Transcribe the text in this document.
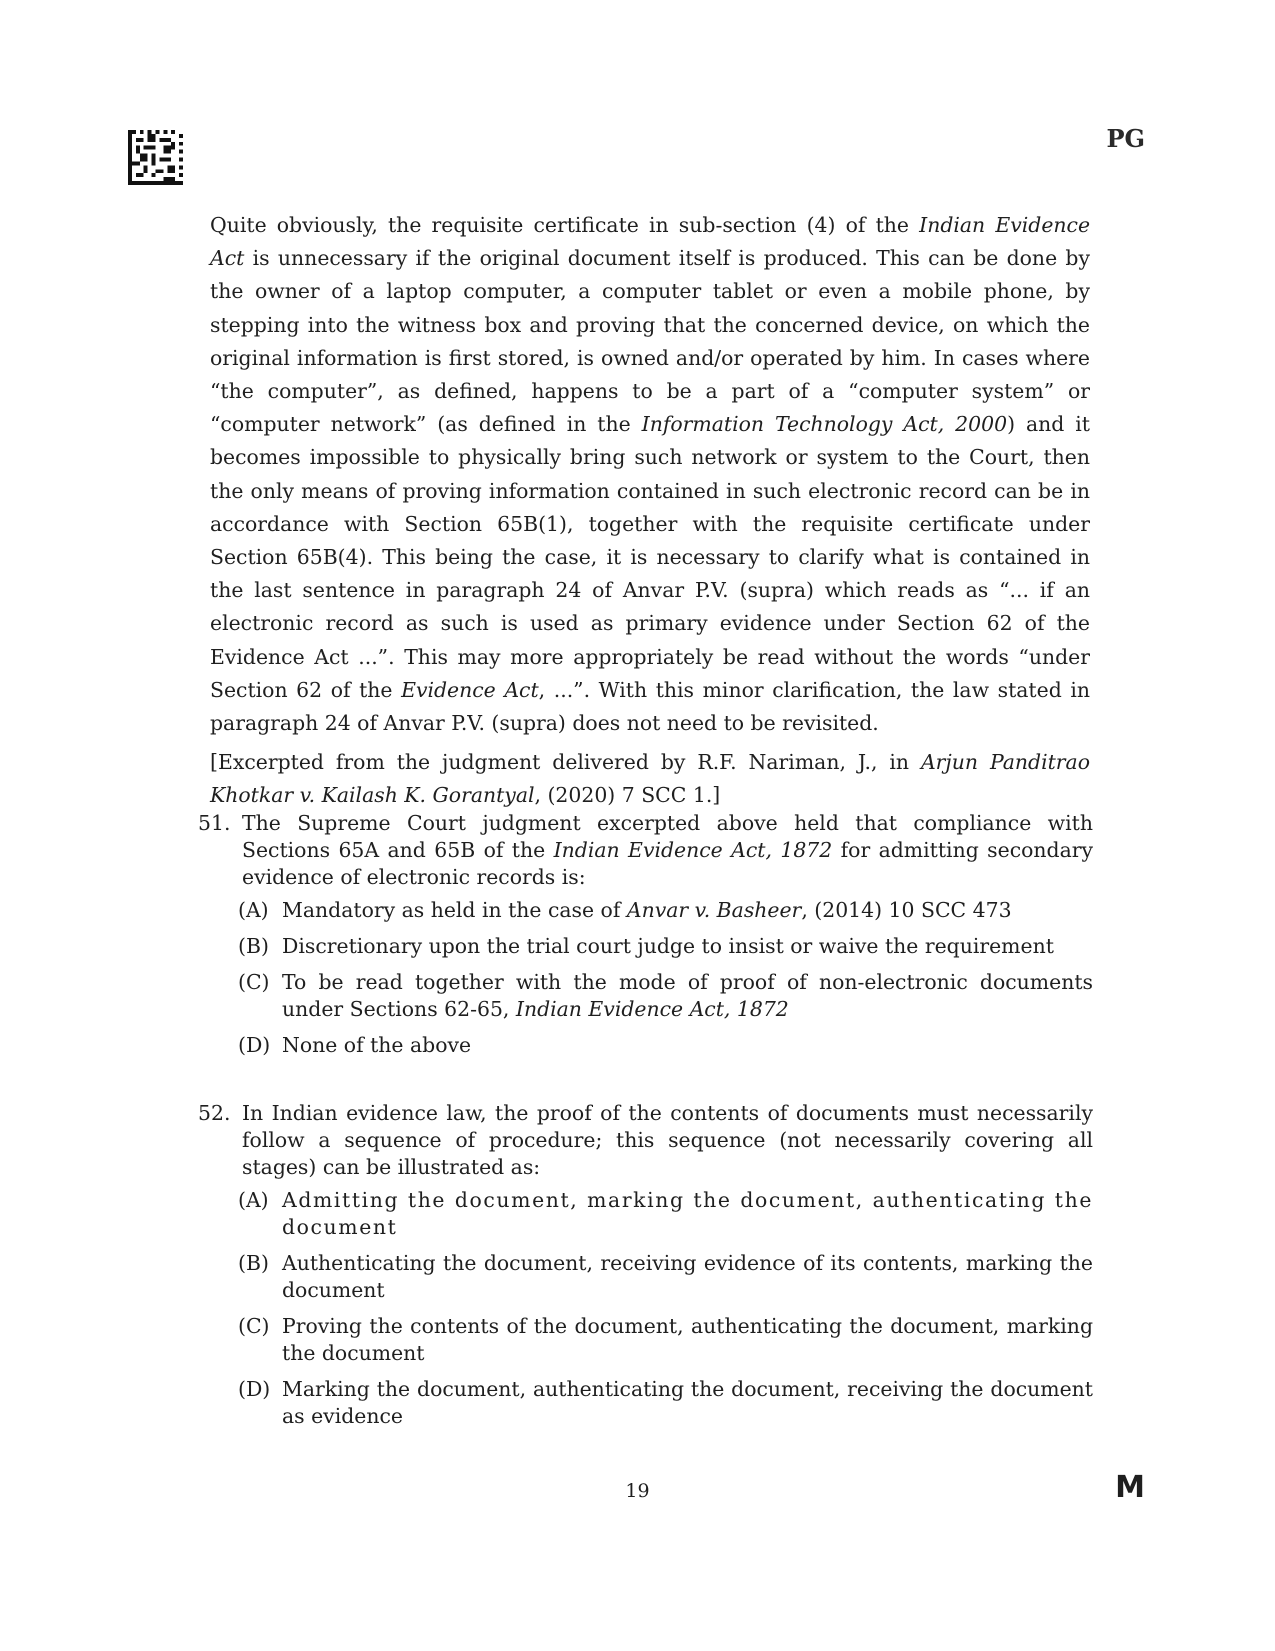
PG

Quite obviously, the requisite certificate in sub-section (4) of the Indian Evidence Act is unnecessary if the original document itself is produced. This can be done by the owner of a laptop computer, a computer tablet or even a mobile phone, by stepping into the witness box and proving that the concerned device, on which the original information is first stored, is owned and/or operated by him. In cases where “the computer”, as defined, happens to be a part of a “computer system” or “computer network” (as defined in the Information Technology Act, 2000) and it becomes impossible to physically bring such network or system to the Court, then the only means of proving information contained in such electronic record can be in accordance with Section 65B(1), together with the requisite certificate under Section 65B(4). This being the case, it is necessary to clarify what is contained in the last sentence in paragraph 24 of Anvar P.V. (supra) which reads as “... if an electronic record as such is used as primary evidence under Section 62 of the Evidence Act ...”. This may more appropriately be read without the words “under Section 62 of the Evidence Act, ...”. With this minor clarification, the law stated in paragraph 24 of Anvar P.V. (supra) does not need to be revisited.

[Excerpted from the judgment delivered by R.F. Nariman, J., in Arjun Panditrao Khotkar v. Kailash K. Gorantyal, (2020) 7 SCC 1.]

51. The Supreme Court judgment excerpted above held that compliance with Sections 65A and 65B of the Indian Evidence Act, 1872 for admitting secondary evidence of electronic records is:
(A) Mandatory as held in the case of Anvar v. Basheer, (2014) 10 SCC 473
(B) Discretionary upon the trial court judge to insist or waive the requirement
(C) To be read together with the mode of proof of non-electronic documents under Sections 62-65, Indian Evidence Act, 1872
(D) None of the above
52. In Indian evidence law, the proof of the contents of documents must necessarily follow a sequence of procedure; this sequence (not necessarily covering all stages) can be illustrated as:
(A) Admitting the document, marking the document, authenticating the document
(B) Authenticating the document, receiving evidence of its contents, marking the document
(C) Proving the contents of the document, authenticating the document, marking the document
(D) Marking the document, authenticating the document, receiving the document as evidence
19	M
